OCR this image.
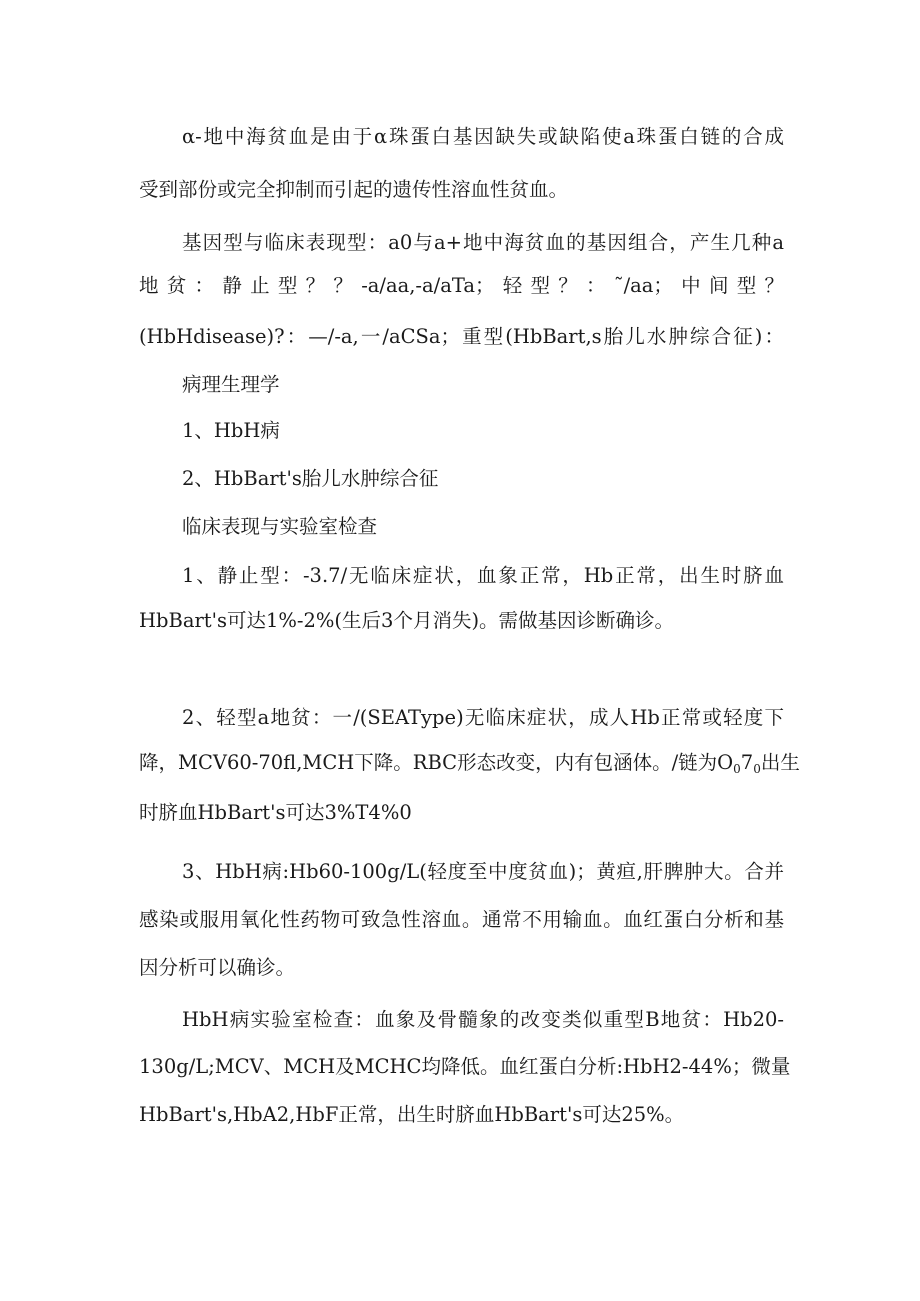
α-地中海贫血是由于α珠蛋白基因缺失或缺陷使a珠蛋白链的合成
受到部份或完全抑制而引起的遗传性溶血性贫血。
基因型与临床表现型：a0与a+地中海贫血的基因组合，产生几种a
地贫：静止型？？-a/aa,-a/aTa；轻型？：˜/aa；中间型？
(HbHdisease)?：—/-a,一/aCSa；重型(HbBart,s胎儿水肿综合征)：
病理生理学
1、HbH病
2、HbBart's胎儿水肿综合征
临床表现与实验室检查
1、静止型：-3.7/无临床症状，血象正常，Hb正常，出生时脐血
HbBart's可达1%-2%(生后3个月消失)。需做基因诊断确诊。
2、轻型a地贫：一/(SEAType)无临床症状，成人Hb正常或轻度下
降，MCV60-70fl,MCH下降。RBC形态改变，内有包涵体。/链为$O_07_0$出生
时脐血HbBart's可达3%T4%0
3、HbH病:Hb60-100g/L(轻度至中度贫血)；黄疸,肝脾肿大。合并
感染或服用氧化性药物可致急性溶血。通常不用输血。血红蛋白分析和基
因分析可以确诊。
HbH病实验室检查：血象及骨髓象的改变类似重型B地贫：Hb20-
130g/L;MCV、MCH及MCHC均降低。血红蛋白分析:HbH2-44%；微量
HbBart's,HbA2,HbF正常，出生时脐血HbBart's可达25%。
